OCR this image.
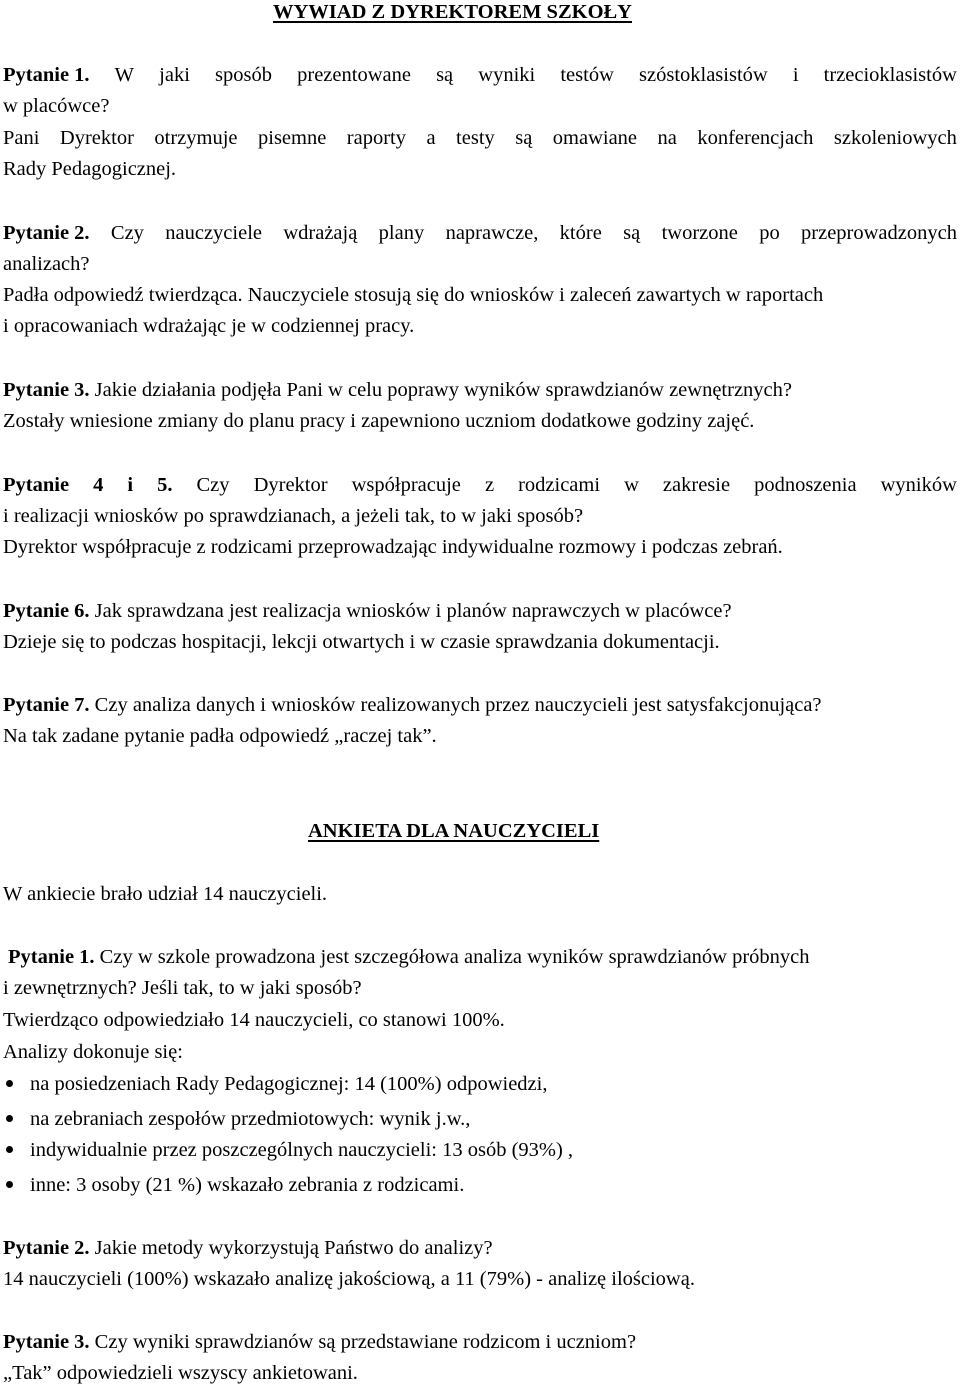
WYWIAD Z DYREKTOREM SZKOŁY
Pytanie 1. W jaki sposób prezentowane są wyniki testów szóstoklasistów i trzecioklasistów
w placówce?
Pani Dyrektor otrzymuje pisemne raporty a testy są omawiane na konferencjach szkoleniowych
Rady Pedagogicznej.
Pytanie 2. Czy nauczyciele wdrażają plany naprawcze, które są tworzone po przeprowadzonych
analizach?
Padła odpowiedź twierdząca. Nauczyciele stosują się do wniosków i zaleceń zawartych w raportach
i opracowaniach wdrażając je w codziennej pracy.
Pytanie 3. Jakie działania podjęła Pani w celu poprawy wyników sprawdzianów zewnętrznych?
Zostały wniesione zmiany do planu pracy i zapewniono uczniom dodatkowe godziny zajęć.
Pytanie 4 i 5. Czy Dyrektor współpracuje z rodzicami w zakresie podnoszenia wyników
i realizacji wniosków po sprawdzianach, a jeżeli tak, to w jaki sposób?
Dyrektor współpracuje z rodzicami przeprowadzając indywidualne rozmowy i podczas zebrań.
Pytanie 6. Jak sprawdzana jest realizacja wniosków i planów naprawczych w placówce?
Dzieje się to podczas hospitacji, lekcji otwartych i w czasie sprawdzania dokumentacji.
Pytanie 7. Czy analiza danych i wniosków realizowanych przez nauczycieli jest satysfakcjonująca?
Na tak zadane pytanie padła odpowiedź „raczej tak”.
ANKIETA DLA NAUCZYCIELI
W ankiecie brało udział 14 nauczycieli.
Pytanie 1. Czy w szkole prowadzona jest szczegółowa analiza wyników sprawdzianów próbnych
i zewnętrznych? Jeśli tak, to w jaki sposób?
Twierdząco odpowiedziało 14 nauczycieli, co stanowi 100%.
Analizy dokonuje się:
na posiedzeniach Rady Pedagogicznej: 14 (100%) odpowiedzi,
na zebraniach zespołów przedmiotowych: wynik j.w.,
indywidualnie przez poszczególnych nauczycieli: 13 osób (93%) ,
inne: 3 osoby (21 %) wskazało zebrania z rodzicami.
Pytanie 2. Jakie metody wykorzystują Państwo do analizy?
14 nauczycieli (100%) wskazało analizę jakościową, a 11 (79%) - analizę ilościową.
Pytanie 3. Czy wyniki sprawdzianów są przedstawiane rodzicom i uczniom?
„Tak” odpowiedzieli wszyscy ankietowani.
